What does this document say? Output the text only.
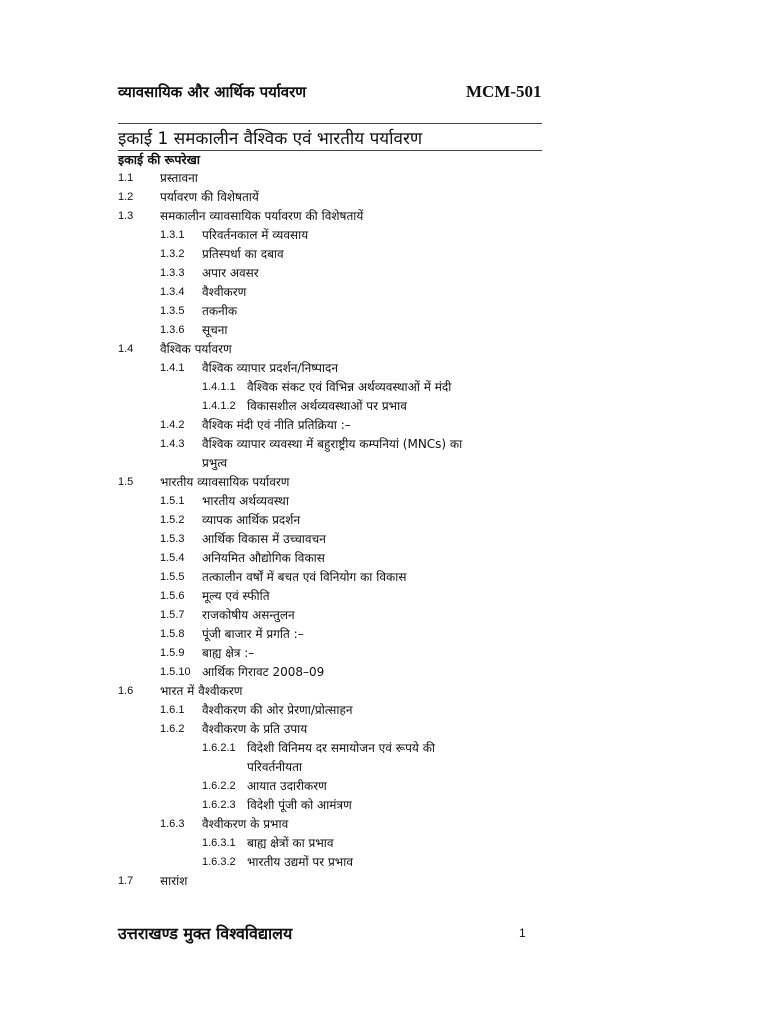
व्यावसायिक और आर्थिक पर्यावरण	MCM-501
इकाई 1 समकालीन वैश्विक एवं भारतीय पर्यावरण
इकाई की रूपरेखा
1.1 प्रस्तावना
1.2 पर्यावरण की विशेषतायें
1.3 समकालीन व्यावसायिक पर्यावरण की विशेषतायें
1.3.1 परिवर्तनकाल में व्यवसाय
1.3.2 प्रतिस्पर्धा का दबाव
1.3.3 अपार अवसर
1.3.4 वैश्वीकरण
1.3.5 तकनीक
1.3.6 सूचना
1.4 वैश्विक पर्यावरण
1.4.1 वैश्विक व्यापार प्रदर्शन/निष्पादन
1.4.1.1 वैश्विक संकट एवं विभिन्न अर्थव्यवस्थाओं में मंदी
1.4.1.2 विकासशील अर्थव्यवस्थाओं पर प्रभाव
1.4.2 वैश्विक मंदी एवं नीति प्रतिक्रिया :–
1.4.3 वैश्विक व्यापार व्यवस्था में बहुराष्ट्रीय कम्पनियां (MNCs) का
प्रभुत्व
1.5 भारतीय व्यावसायिक पर्यावरण
1.5.1 भारतीय अर्थव्यवस्था
1.5.2 व्यापक आर्थिक प्रदर्शन
1.5.3 आर्थिक विकास में उच्चावचन
1.5.4 अनियमित औद्योगिक विकास
1.5.5 तत्कालीन वर्षों में बचत एवं विनियोग का विकास
1.5.6 मूल्य एवं स्फीति
1.5.7 राजकोषीय असन्तुलन
1.5.8 पूंजी बाजार में प्रगति :–
1.5.9 बाह्य क्षेत्र :–
1.5.10 आर्थिक गिरावट 2008–09
1.6 भारत में वैश्वीकरण
1.6.1 वैश्वीकरण की ओर प्रेरणा/प्रोत्साहन
1.6.2 वैश्वीकरण के प्रति उपाय
1.6.2.1 विदेशी विनिमय दर समायोजन एवं रूपये की
परिवर्तनीयता
1.6.2.2 आयात उदारीकरण
1.6.2.3 विदेशी पूंजी को आमंत्रण
1.6.3 वैश्वीकरण के प्रभाव
1.6.3.1 बाह्य क्षेत्रों का प्रभाव
1.6.3.2 भारतीय उद्यमों पर प्रभाव
1.7 सारांश
उत्तराखण्ड मुक्त विश्वविद्यालय	1
